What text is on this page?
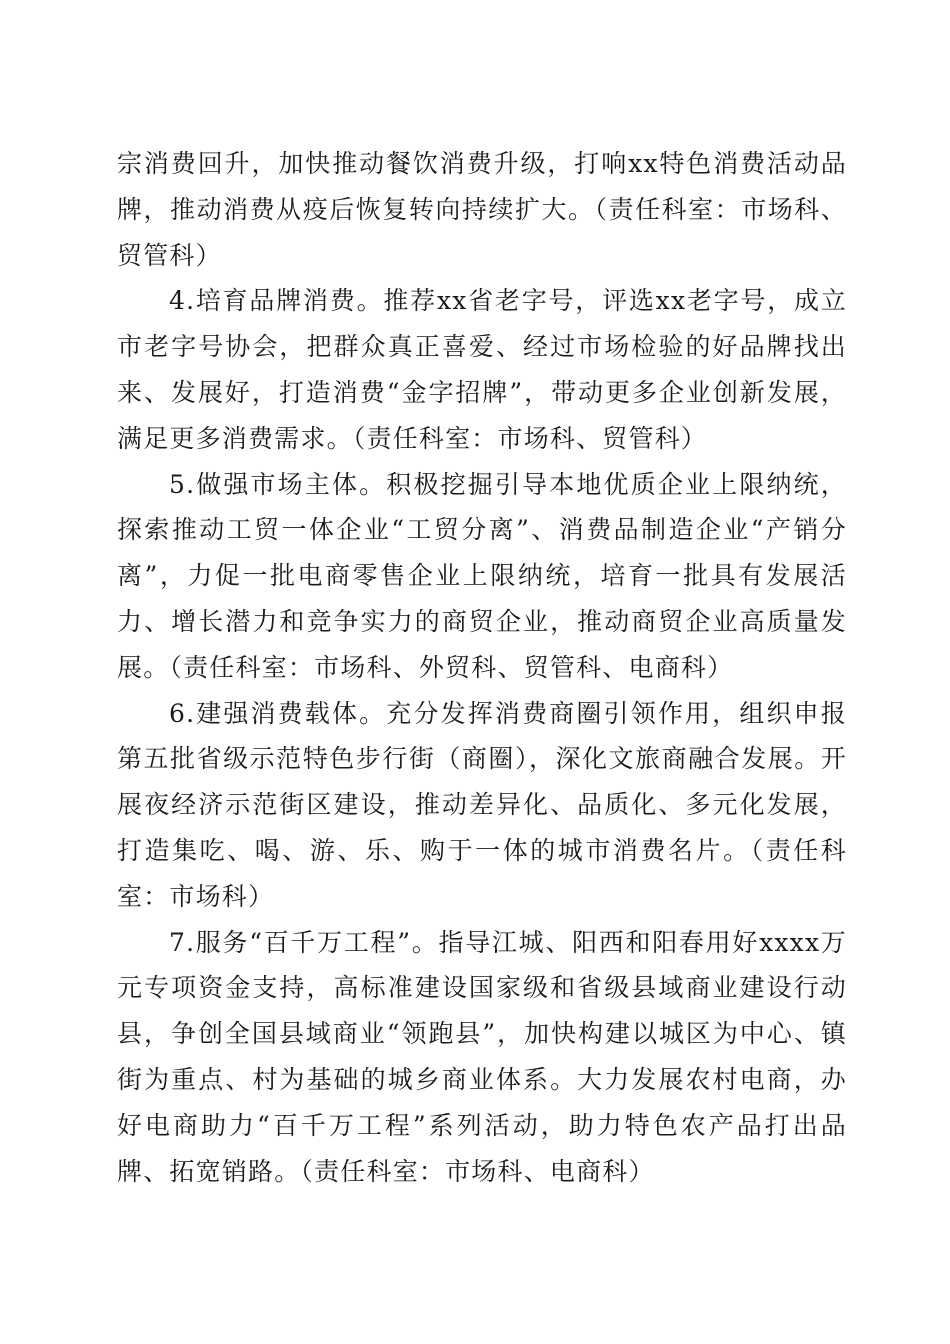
宗消费回升，加快推动餐饮消费升级，打响xx特色消费活动品牌，推动消费从疫后恢复转向持续扩大。（责任科室：市场科、贸管科）

4.培育品牌消费。推荐xx省老字号，评选xx老字号，成立市老字号协会，把群众真正喜爱、经过市场检验的好品牌找出来、发展好，打造消费“金字招牌”，带动更多企业创新发展，满足更多消费需求。（责任科室：市场科、贸管科）

5.做强市场主体。积极挖掘引导本地优质企业上限纳统，探索推动工贸一体企业“工贸分离”、消费品制造企业“产销分离”，力促一批电商零售企业上限纳统，培育一批具有发展活力、增长潜力和竞争实力的商贸企业，推动商贸企业高质量发展。（责任科室：市场科、外贸科、贸管科、电商科）

6.建强消费载体。充分发挥消费商圈引领作用，组织申报第五批省级示范特色步行街（商圈），深化文旅商融合发展。开展夜经济示范街区建设，推动差异化、品质化、多元化发展，打造集吃、喝、游、乐、购于一体的城市消费名片。（责任科室：市场科）

7.服务“百千万工程”。指导江城、阳西和阳春用好xxxx万元专项资金支持，高标准建设国家级和省级县域商业建设行动县，争创全国县域商业“领跑县”，加快构建以城区为中心、镇街为重点、村为基础的城乡商业体系。大力发展农村电商，办好电商助力“百千万工程”系列活动，助力特色农产品打出品牌、拓宽销路。（责任科室：市场科、电商科）
